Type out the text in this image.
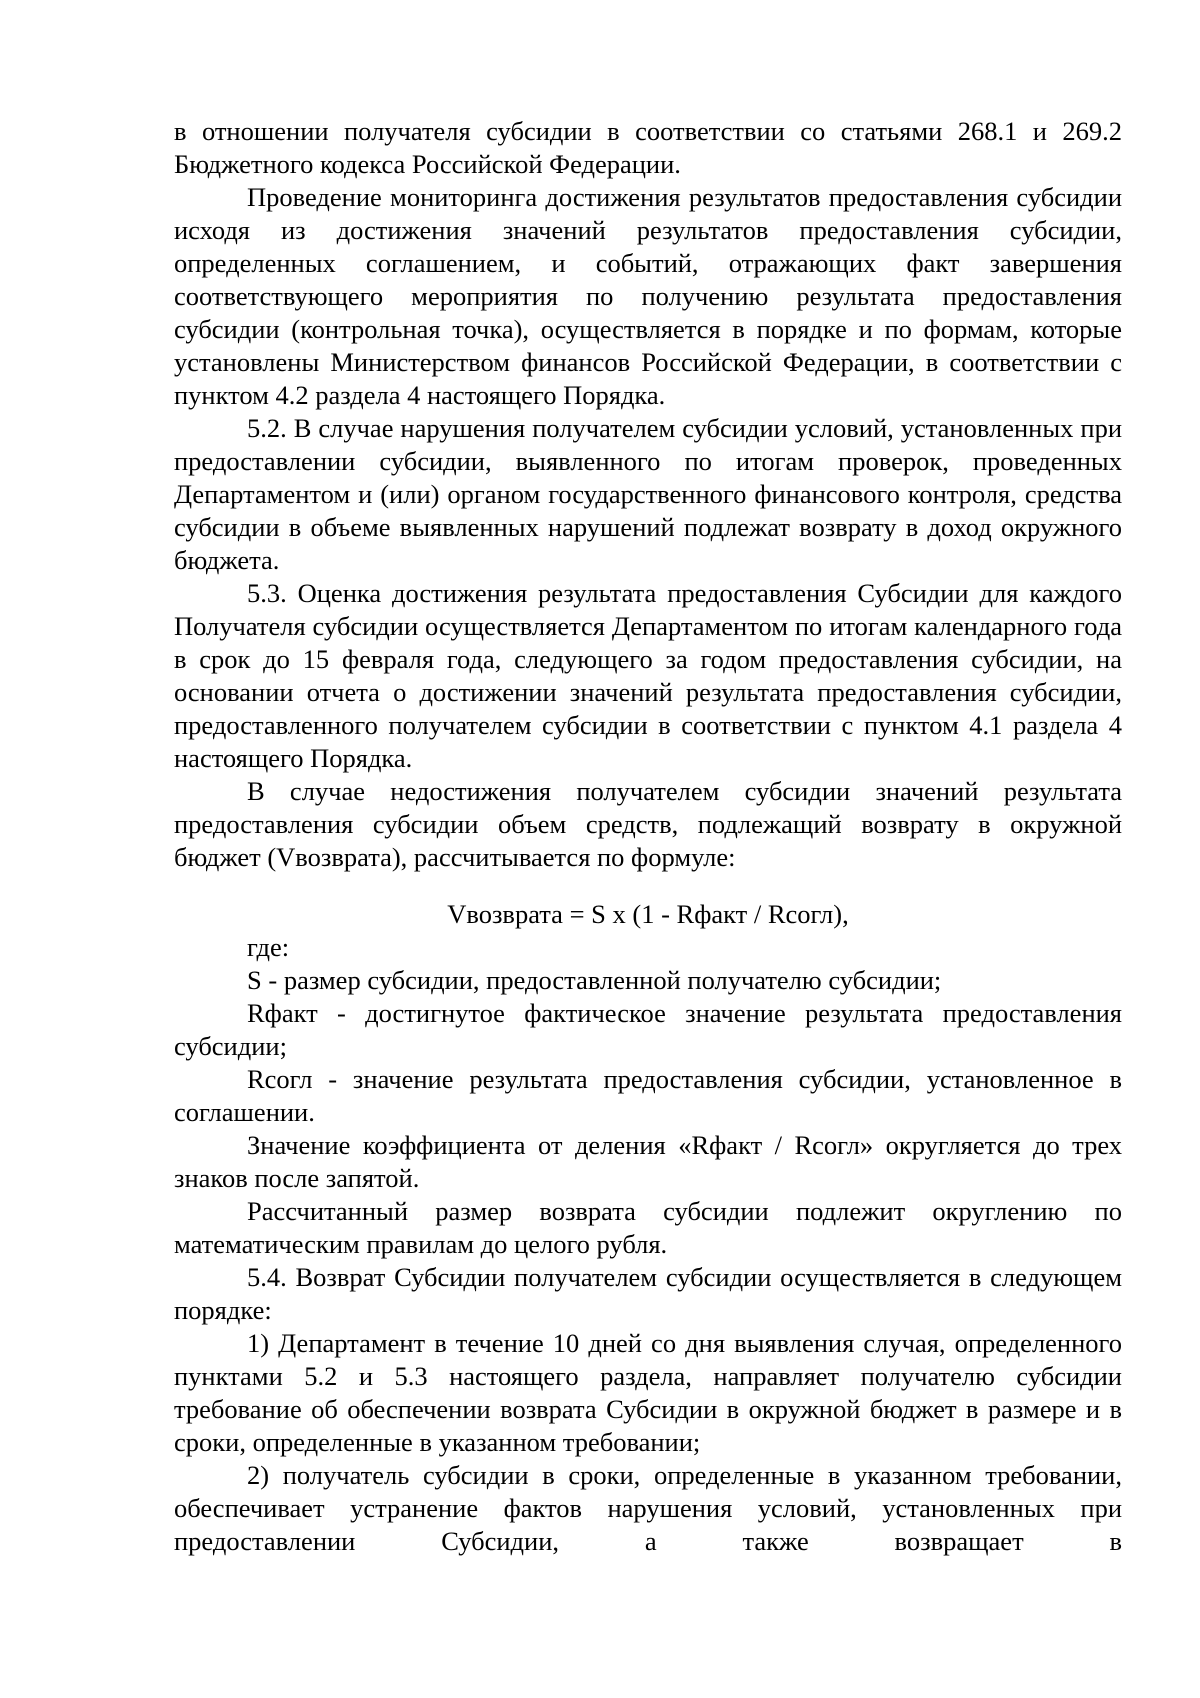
в отношении получателя субсидии в соответствии со статьями 268.1 и 269.2 Бюджетного кодекса Российской Федерации.

Проведение мониторинга достижения результатов предоставления субсидии исходя из достижения значений результатов предоставления субсидии, определенных соглашением, и событий, отражающих факт завершения соответствующего мероприятия по получению результата предоставления субсидии (контрольная точка), осуществляется в порядке и по формам, которые установлены Министерством финансов Российской Федерации, в соответствии с пунктом 4.2 раздела 4 настоящего Порядка.

5.2. В случае нарушения получателем субсидии условий, установленных при предоставлении субсидии, выявленного по итогам проверок, проведенных Департаментом и (или) органом государственного финансового контроля, средства субсидии в объеме выявленных нарушений подлежат возврату в доход окружного бюджета.

5.3. Оценка достижения результата предоставления Субсидии для каждого Получателя субсидии осуществляется Департаментом по итогам календарного года в срок до 15 февраля года, следующего за годом предоставления субсидии, на основании отчета о достижении значений результата предоставления субсидии, предоставленного получателем субсидии в соответствии с пунктом 4.1 раздела 4 настоящего Порядка.

В случае недостижения получателем субсидии значений результата предоставления субсидии объем средств, подлежащий возврату в окружной бюджет (Vвозврата), рассчитывается по формуле:

Vвозврата = S x (1 - Rфакт / Rсогл),

где:

S - размер субсидии, предоставленной получателю субсидии;

Rфакт - достигнутое фактическое значение результата предоставления субсидии;

Rсогл - значение результата предоставления субсидии, установленное в соглашении.

Значение коэффициента от деления «Rфакт / Rсогл» округляется до трех знаков после запятой.

Рассчитанный размер возврата субсидии подлежит округлению по математическим правилам до целого рубля.

5.4. Возврат Субсидии получателем субсидии осуществляется в следующем порядке:

1) Департамент в течение 10 дней со дня выявления случая, определенного пунктами 5.2 и 5.3 настоящего раздела, направляет получателю субсидии требование об обеспечении возврата Субсидии в окружной бюджет в размере и в сроки, определенные в указанном требовании;

2) получатель субсидии в сроки, определенные в указанном требовании, обеспечивает устранение фактов нарушения условий, установленных при предоставлении Субсидии, а также возвращает в
